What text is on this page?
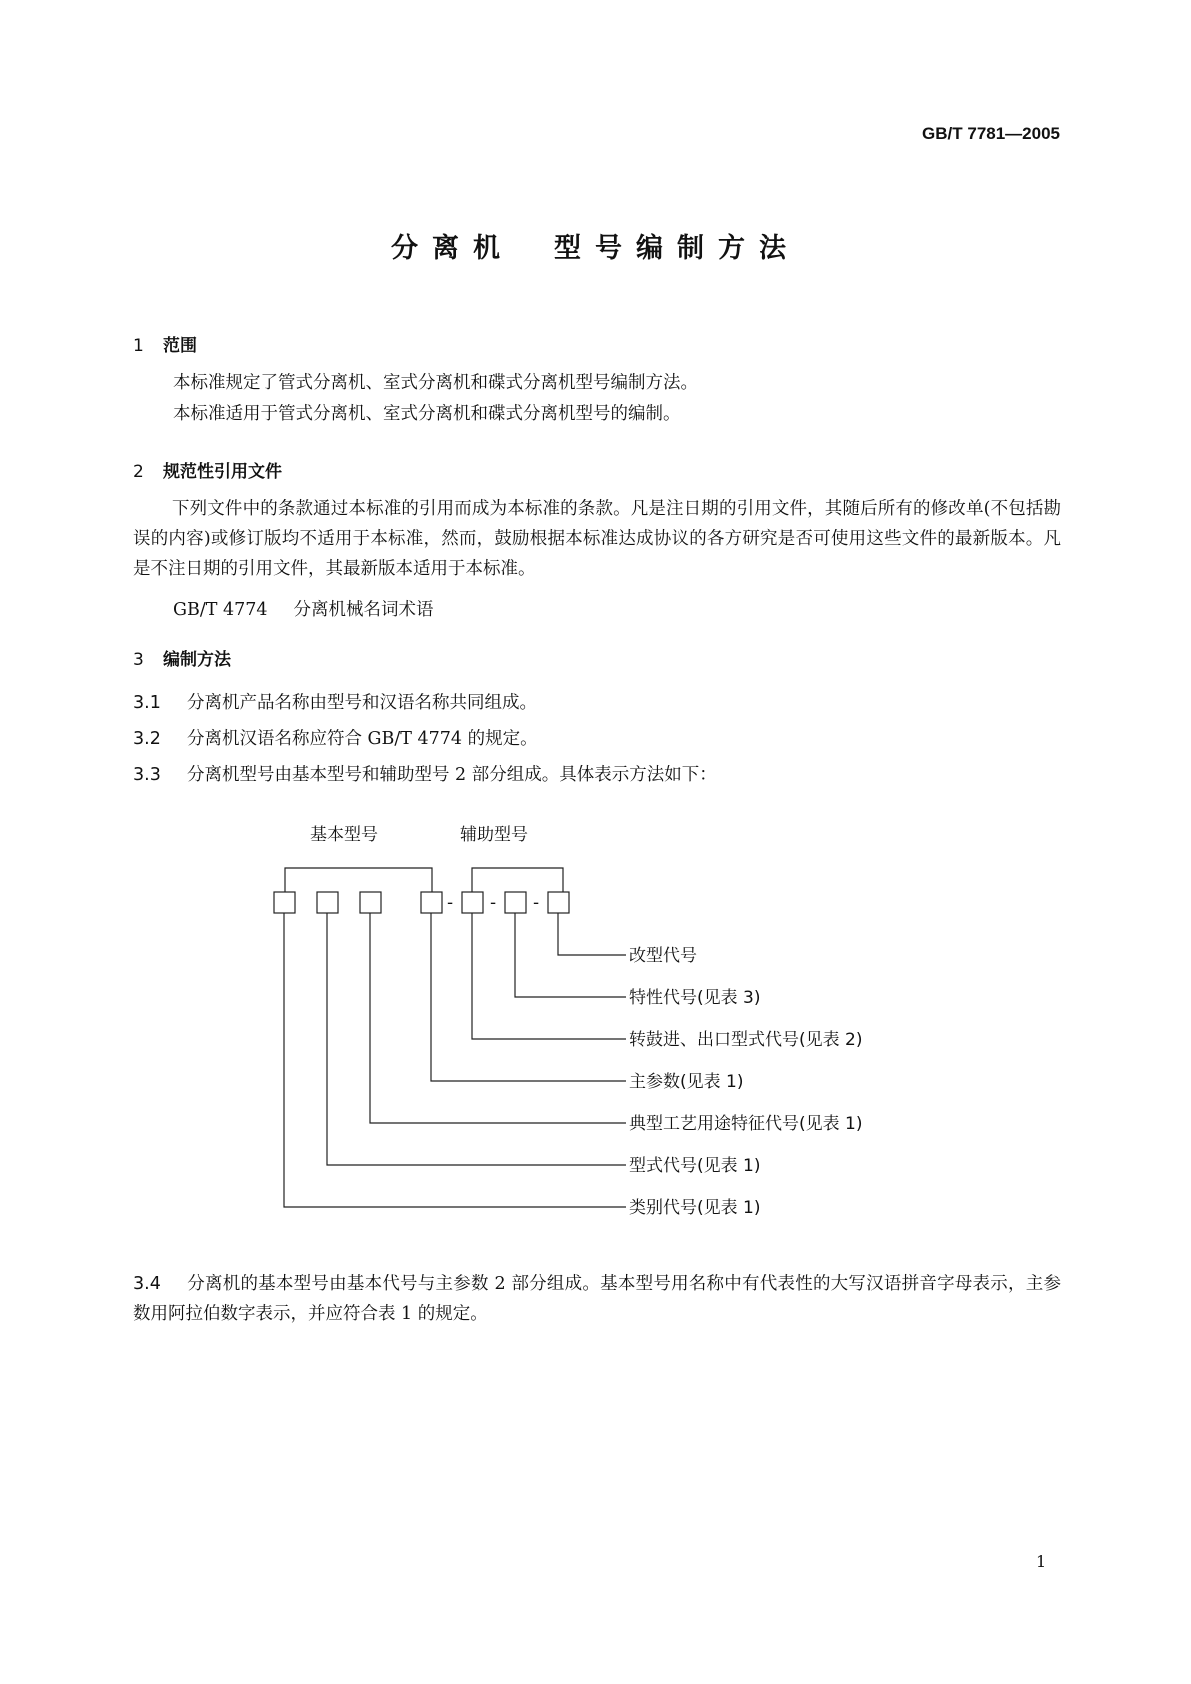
GB/T 7781—2005
分离机 型号编制方法
1 范围
本标准规定了管式分离机、室式分离机和碟式分离机型号编制方法。
本标准适用于管式分离机、室式分离机和碟式分离机型号的编制。
2 规范性引用文件
下列文件中的条款通过本标准的引用而成为本标准的条款。凡是注日期的引用文件，其随后所有的修改单(不包括勘误的内容)或修订版均不适用于本标准，然而，鼓励根据本标准达成协议的各方研究是否可使用这些文件的最新版本。凡是不注日期的引用文件，其最新版本适用于本标准。
GB/T 4774 分离机械名词术语
3 编制方法
3.1 分离机产品名称由型号和汉语名称共同组成。
3.2 分离机汉语名称应符合 GB/T 4774 的规定。
3.3 分离机型号由基本型号和辅助型号 2 部分组成。具体表示方法如下：
基本型号	辅助型号
- - -
改型代号
特性代号(见表 3)
转鼓进、出口型式代号(见表 2)
主参数(见表 1)
典型工艺用途特征代号(见表 1)
型式代号(见表 1)
类别代号(见表 1)
3.4 分离机的基本型号由基本代号与主参数 2 部分组成。基本型号用名称中有代表性的大写汉语拼音字母表示，主参数用阿拉伯数字表示，并应符合表 1 的规定。
1
